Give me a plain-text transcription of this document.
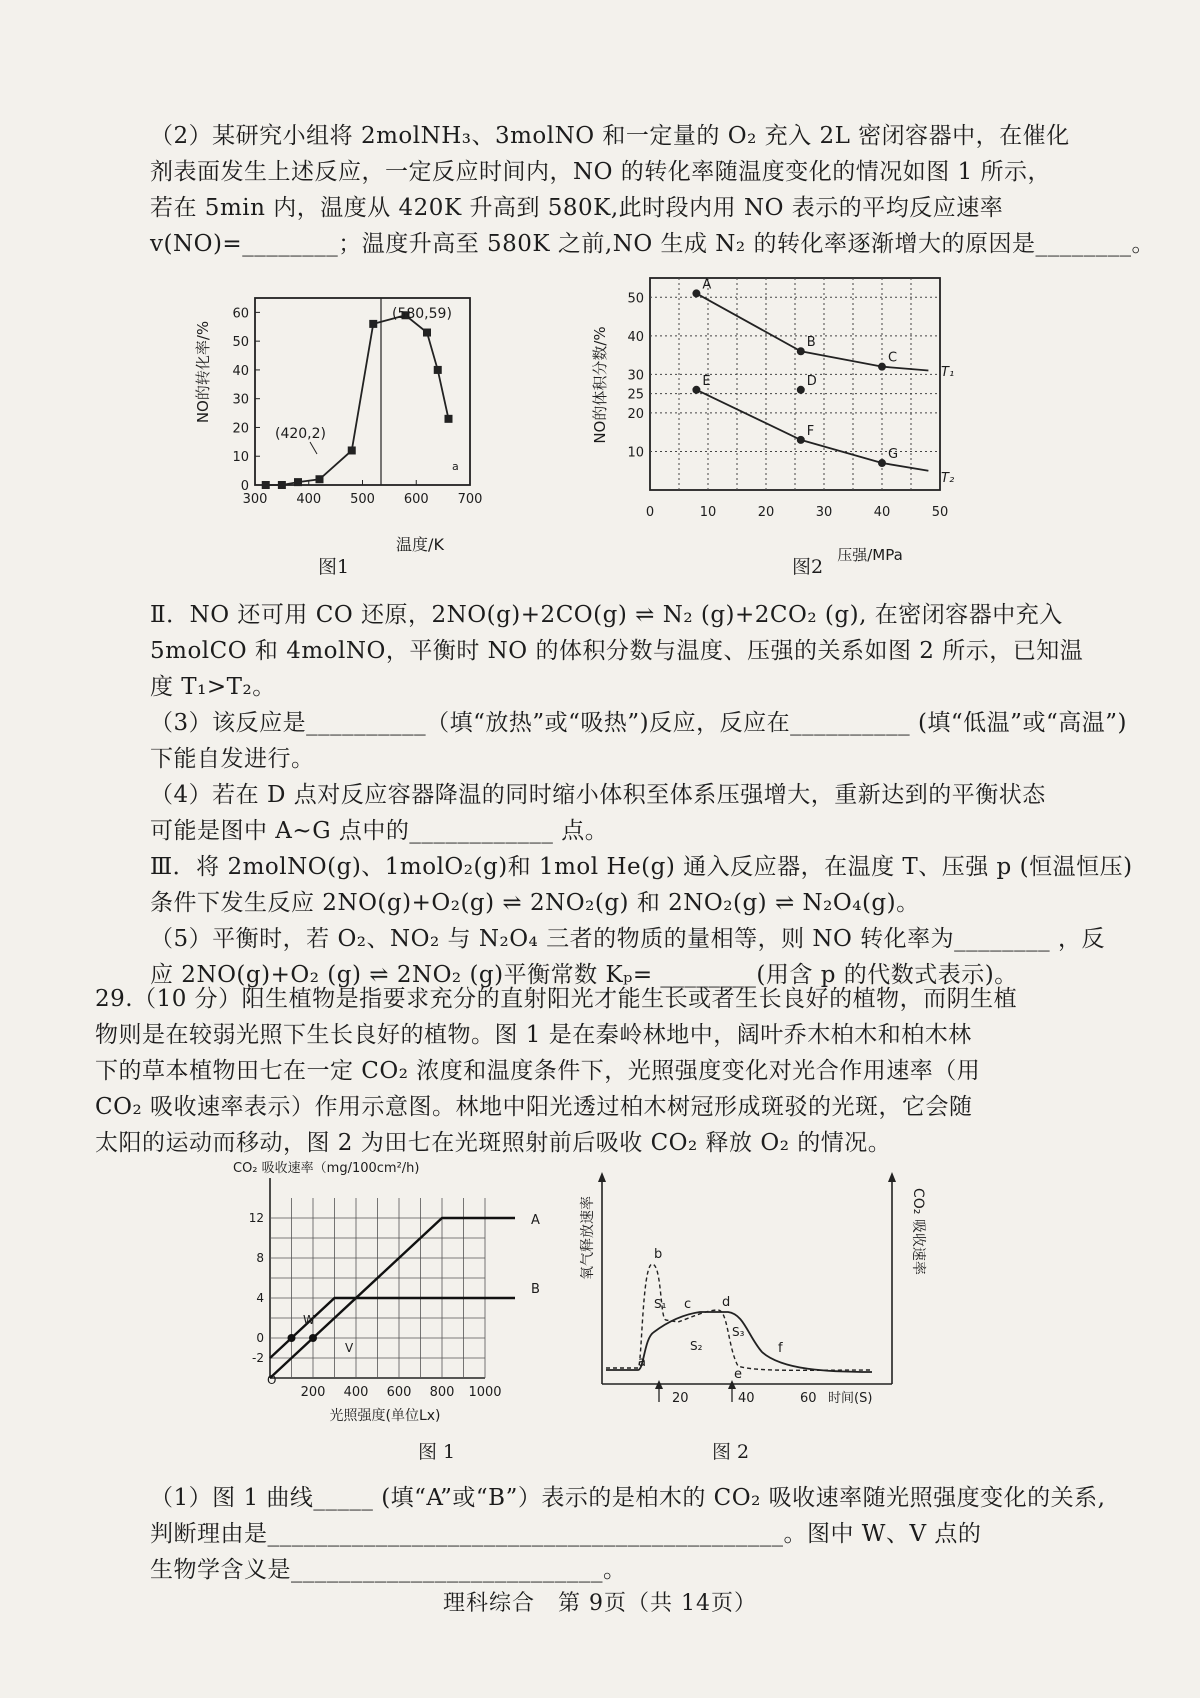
（2）某研究小组将 2molNH₃、3molNO 和一定量的 O₂ 充入 2L 密闭容器中，在催化
剂表面发生上述反应，一定反应时间内，NO 的转化率随温度变化的情况如图 1 所示，
若在 5min 内，温度从 420K 升高到 580K,此时段内用 NO 表示的平均反应速率
v(NO)=________；温度升高至 580K 之前,NO 生成 N₂ 的转化率逐渐增大的原因是________。
300 400 500 600 700
0
10
20
30
40
50
60
NO的转化率/%
温度/K
(420,2)
(580,59)
a
图1
10
20
25
30
40
50
0	10	20	30	40	50
A
B
C
D
E
F
G
NO的体积分数/%
压强/MPa
T₁
T₂
图2
Ⅱ．NO 还可用 CO 还原，2NO(g)+2CO(g) ⇌ N₂ (g)+2CO₂ (g), 在密闭容器中充入
5molCO 和 4molNO，平衡时 NO 的体积分数与温度、压强的关系如图 2 所示，已知温
度 T₁>T₂。
（3）该反应是__________（填“放热”或“吸热”)反应，反应在__________ (填“低温”或“高温”)
下能自发进行。
（4）若在 D 点对反应容器降温的同时缩小体积至体系压强增大，重新达到的平衡状态
可能是图中 A~G 点中的____________ 点。
Ⅲ．将 2molNO(g)、1molO₂(g)和 1mol He(g) 通入反应器，在温度 T、压强 p (恒温恒压)
条件下发生反应 2NO(g)+O₂(g) ⇌ 2NO₂(g) 和 2NO₂(g) ⇌ N₂O₄(g)。
（5）平衡时，若 O₂、NO₂ 与 N₂O₄ 三者的物质的量相等，则 NO 转化率为________ ，反
应 2NO(g)+O₂ (g) ⇌ 2NO₂ (g)平衡常数 Kₚ= ________(用含 p 的代数式表示)。
29.（10 分）阳生植物是指要求充分的直射阳光才能生长或者生长良好的植物，而阴生植
物则是在较弱光照下生长良好的植物。图 1 是在秦岭林地中，阔叶乔木柏木和柏木林
下的草本植物田七在一定 CO₂ 浓度和温度条件下，光照强度变化对光合作用速率（用
CO₂ 吸收速率表示）作用示意图。林地中阳光透过柏木树冠形成斑驳的光斑，它会随
太阳的运动而移动，图 2 为田七在光斑照射前后吸收 CO₂ 释放 O₂ 的情况。
-2
0
4
8
12
200 400 600 800 1000
CO₂ 吸收速率（mg/100cm²/h)
光照强度(单位Lx)
A
B
W
V
O
图 1
氧气释放速率	CO₂ 吸收速率
a
b
c d
e
f
S₁
S₂
S₃
20	40	60 时间(S)
图 2
（1）图 1 曲线_____ (填“A”或“B”）表示的是柏木的 CO₂ 吸收速率随光照强度变化的关系,
判断理由是___________________________________________。图中 W、V 点的
生物学含义是__________________________。
理科综合　第 9页（共 14页）
